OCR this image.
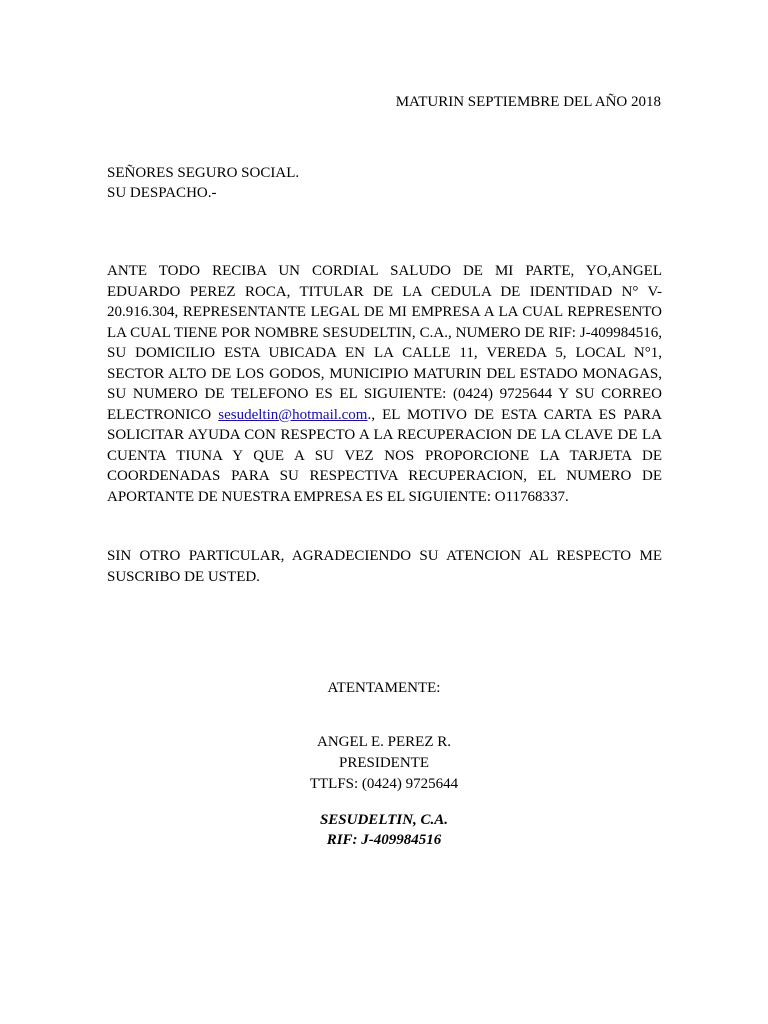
MATURIN SEPTIEMBRE DEL AÑO 2018
SEÑORES SEGURO SOCIAL.
SU DESPACHO.-
ANTE TODO RECIBA UN CORDIAL SALUDO DE MI PARTE, YO,ANGEL EDUARDO PEREZ ROCA, TITULAR DE LA CEDULA DE IDENTIDAD N° V-20.916.304, REPRESENTANTE LEGAL DE MI EMPRESA A LA CUAL REPRESENTO LA CUAL TIENE POR NOMBRE SESUDELTIN, C.A., NUMERO DE RIF: J-409984516, SU DOMICILIO ESTA UBICADA EN LA CALLE 11, VEREDA 5, LOCAL N°1, SECTOR ALTO DE LOS GODOS, MUNICIPIO MATURIN DEL ESTADO MONAGAS, SU NUMERO DE TELEFONO ES EL SIGUIENTE: (0424) 9725644 Y SU CORREO ELECTRONICO sesudeltin@hotmail.com., EL MOTIVO DE ESTA CARTA ES PARA SOLICITAR AYUDA CON RESPECTO A LA RECUPERACION DE LA CLAVE DE LA CUENTA TIUNA Y QUE A SU VEZ NOS PROPORCIONE LA TARJETA DE COORDENADAS PARA SU RESPECTIVA RECUPERACION, EL NUMERO DE APORTANTE DE NUESTRA EMPRESA ES EL SIGUIENTE: O11768337.
SIN OTRO PARTICULAR, AGRADECIENDO SU ATENCION AL RESPECTO ME SUSCRIBO DE USTED.
ATENTAMENTE:
ANGEL E. PEREZ R.
PRESIDENTE
TTLFS: (0424) 9725644
SESUDELTIN, C.A.
RIF: J-409984516
